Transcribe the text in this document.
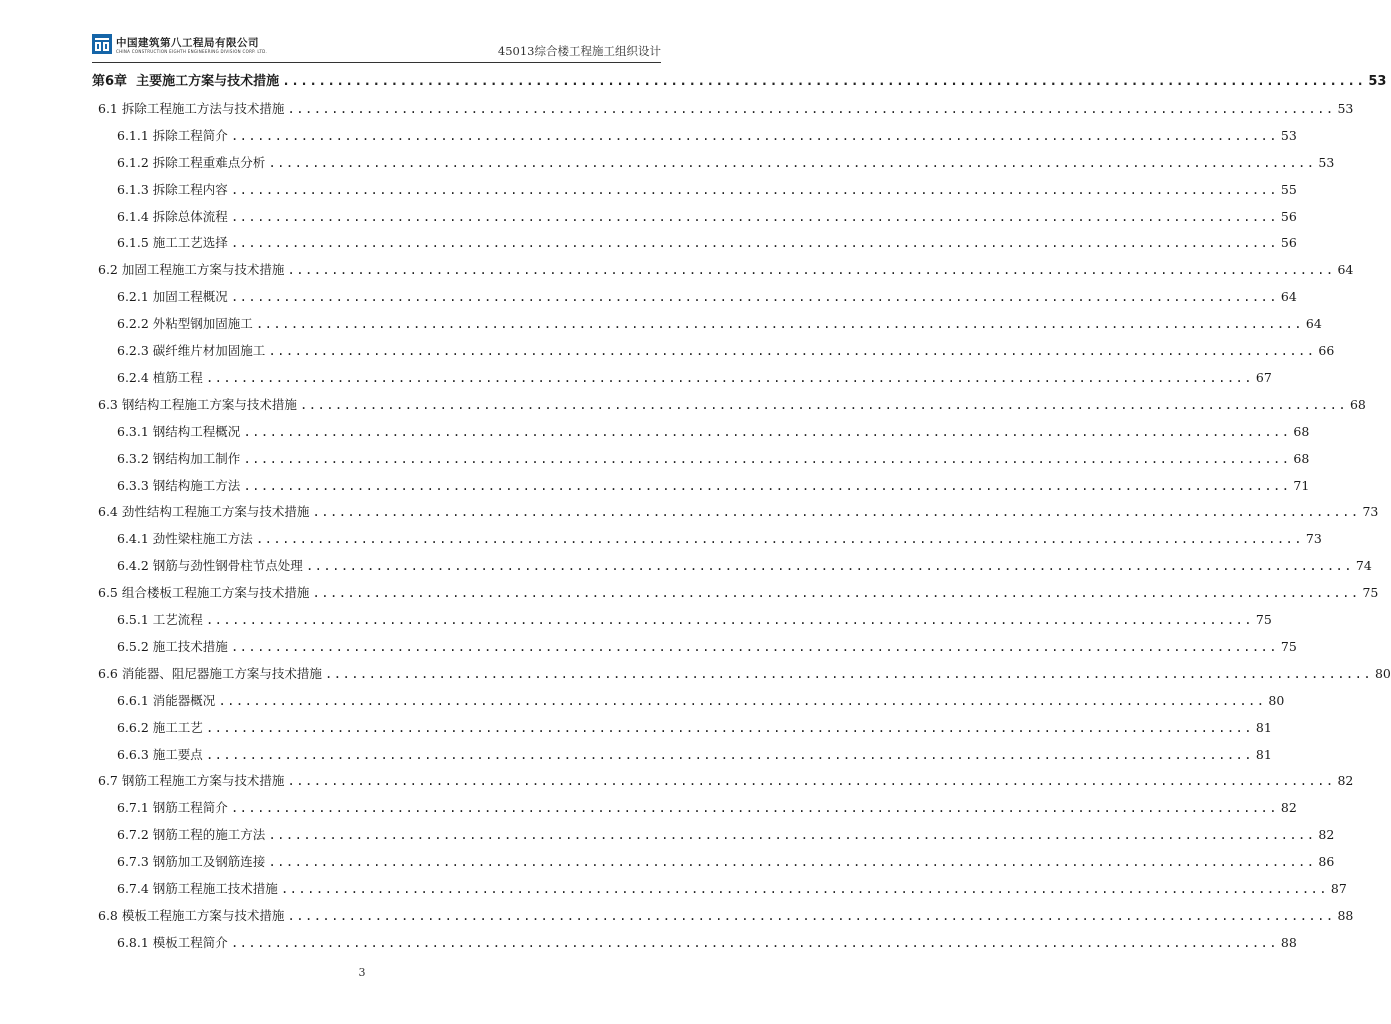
中国建筑第八工程局有限公司
CHINA CONSTRUCTION EIGHTH ENGINEERING DIVISION CORP. LTD.	45013综合楼工程施工组织设计
第6章
主要施工方案与技术措施 ........................................................................................................................ 53
6.1
拆除工程施工方法与技术措施 ........................................................................................................................ 53
6.1.1
拆除工程简介 ........................................................................................................................ 53
6.1.2
拆除工程重难点分析 ........................................................................................................................ 53
6.1.3
拆除工程内容 ........................................................................................................................ 55
6.1.4
拆除总体流程 ........................................................................................................................ 56
6.1.5
施工工艺选择 ........................................................................................................................ 56
6.2
加固工程施工方案与技术措施 ........................................................................................................................ 64
6.2.1
加固工程概况 ........................................................................................................................ 64
6.2.2
外粘型钢加固施工 ........................................................................................................................ 64
6.2.3
碳纤维片材加固施工 ........................................................................................................................ 66
6.2.4
植筋工程 ........................................................................................................................ 67
6.3
钢结构工程施工方案与技术措施 ........................................................................................................................ 68
6.3.1
钢结构工程概况 ........................................................................................................................ 68
6.3.2
钢结构加工制作 ........................................................................................................................ 68
6.3.3
钢结构施工方法 ........................................................................................................................ 71
6.4
劲性结构工程施工方案与技术措施 ........................................................................................................................ 73
6.4.1
劲性梁柱施工方法 ........................................................................................................................ 73
6.4.2
钢筋与劲性钢骨柱节点处理 ........................................................................................................................ 74
6.5
组合楼板工程施工方案与技术措施 ........................................................................................................................ 75
6.5.1
工艺流程 ........................................................................................................................ 75
6.5.2
施工技术措施 ........................................................................................................................ 75
6.6
消能器、阻尼器施工方案与技术措施 ........................................................................................................................ 80
6.6.1
消能器概况 ........................................................................................................................ 80
6.6.2
施工工艺 ........................................................................................................................ 81
6.6.3
施工要点 ........................................................................................................................ 81
6.7
钢筋工程施工方案与技术措施 ........................................................................................................................ 82
6.7.1
钢筋工程简介 ........................................................................................................................ 82
6.7.2
钢筋工程的施工方法 ........................................................................................................................ 82
6.7.3
钢筋加工及钢筋连接 ........................................................................................................................ 86
6.7.4
钢筋工程施工技术措施 ........................................................................................................................ 87
6.8
模板工程施工方案与技术措施 ........................................................................................................................ 88
6.8.1
模板工程简介 ........................................................................................................................ 88
3
